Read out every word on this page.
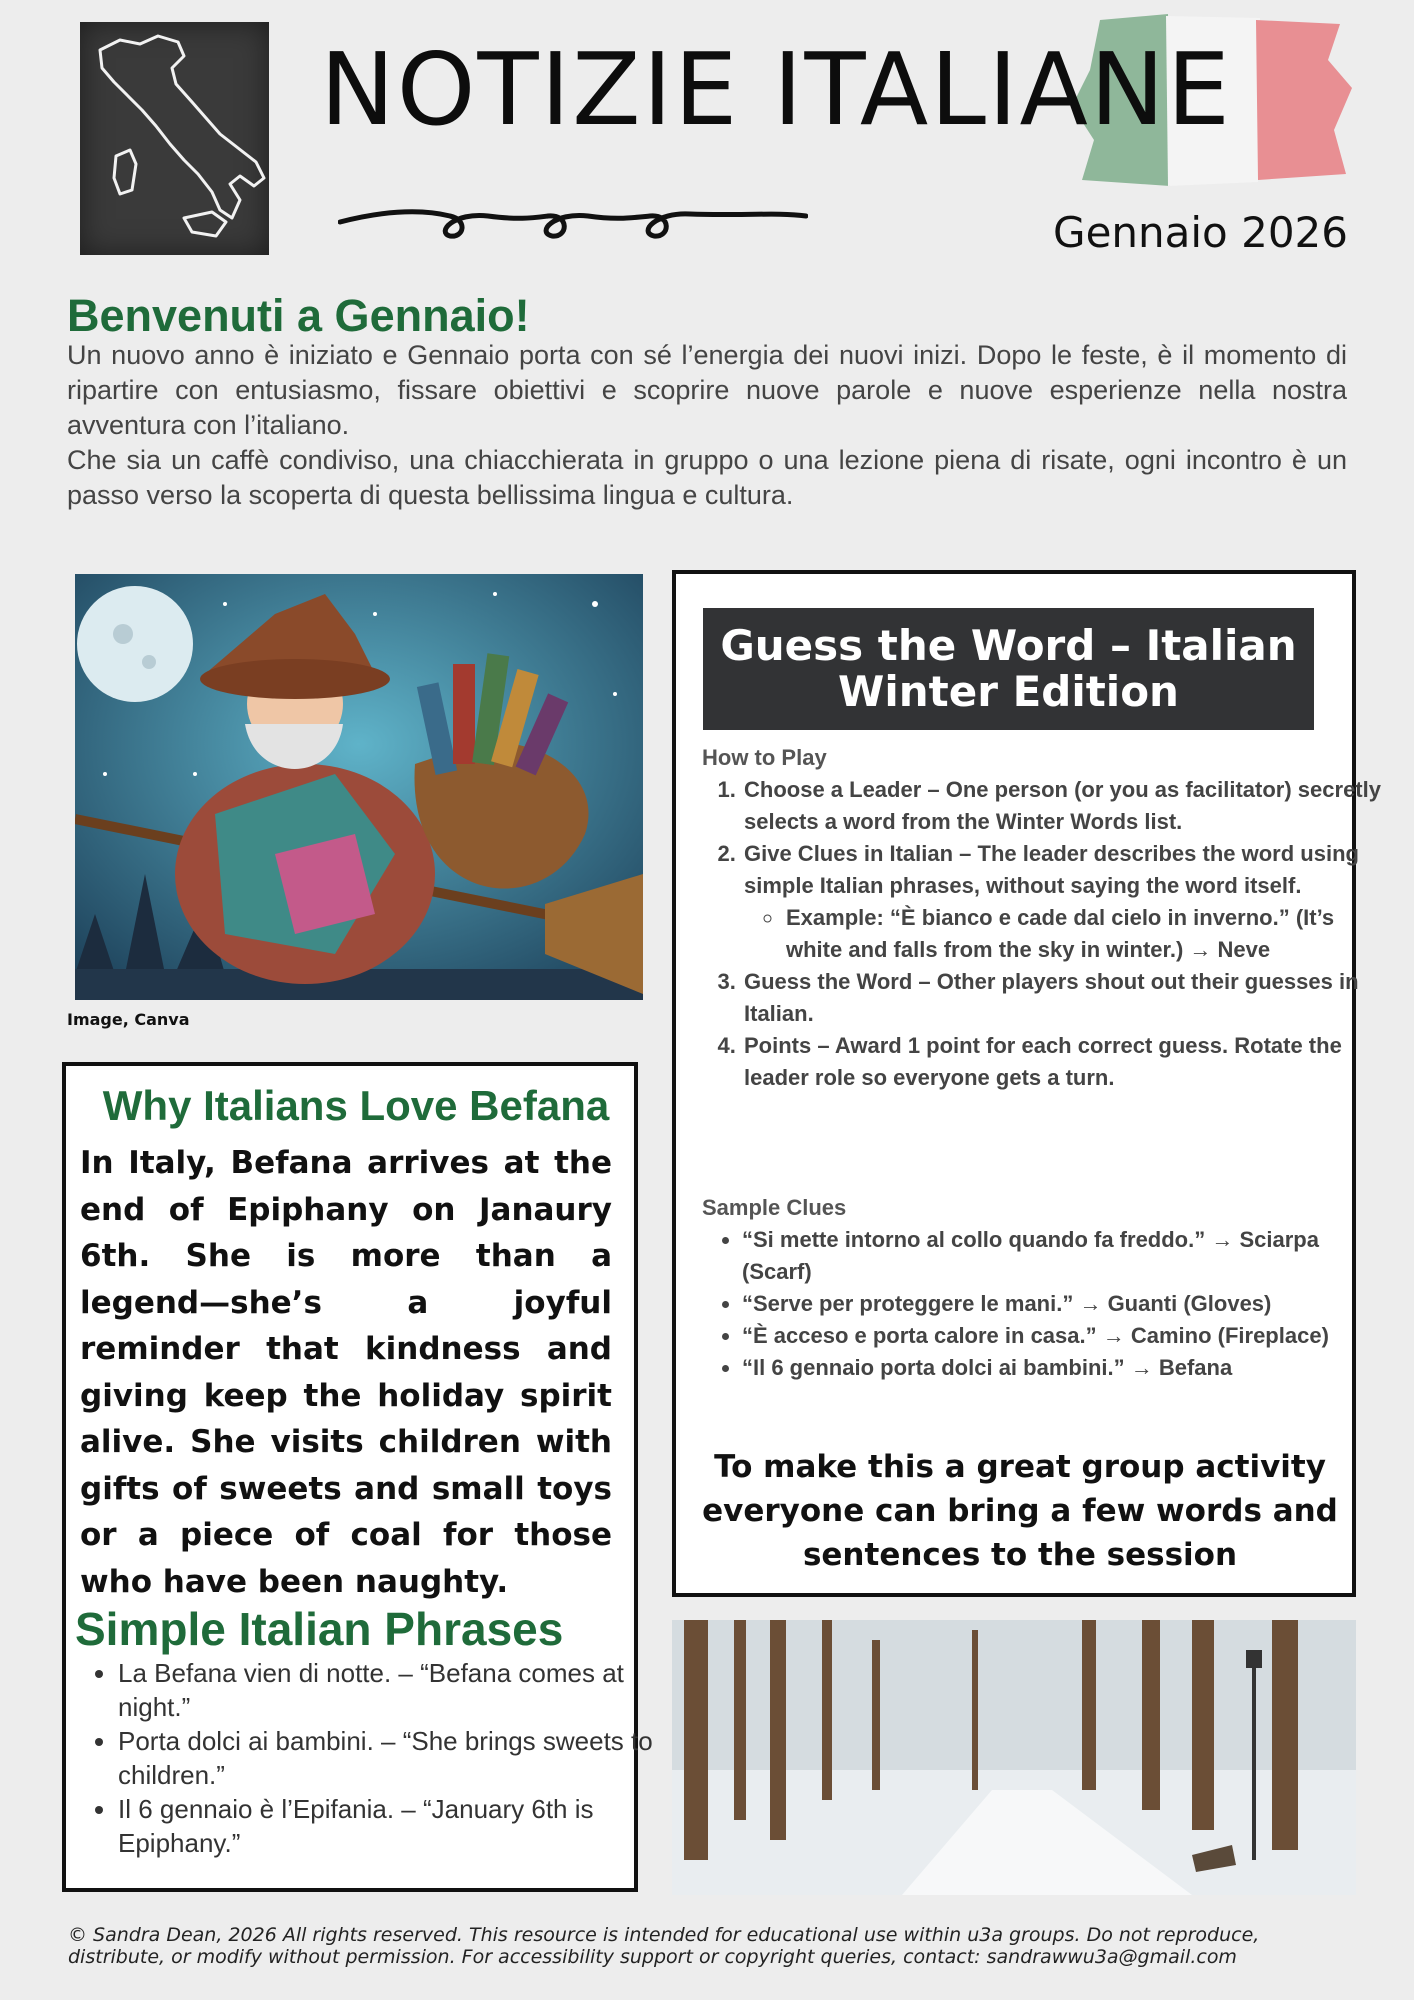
NOTIZIE ITALIANE
Gennaio 2026
Benvenuti a Gennaio!

Un nuovo anno è iniziato e Gennaio porta con sé l’energia dei nuovi inizi. Dopo le feste, è il momento di ripartire con entusiasmo, fissare obiettivi e scoprire nuove parole e nuove esperienze nella nostra avventura con l’italiano.

Che sia un caffè condiviso, una chiacchierata in gruppo o una lezione piena di risate, ogni incontro è un passo verso la scoperta di questa bellissima lingua e cultura.

Image, Canva
Why Italians Love Befana
In Italy, Befana arrives at the end of Epiphany on Janaury 6th. She is more than a legend—she’s a joyful reminder that kindness and giving keep the holiday spirit alive. She visits children with gifts of sweets and small toys or a piece of coal for those who have been naughty.
Simple Italian Phrases
• La Befana vien di notte. – “Befana comes at night.”
• Porta dolci ai bambini. – “She brings sweets to children.”
• Il 6 gennaio è l’Epifania. – “January 6th is Epiphany.”
Guess the Word – Italian Winter Edition
How to Play
1. Choose a Leader – One person (or you as facilitator) secretly selects a word from the Winter Words list.
2. Give Clues in Italian – The leader describes the word using simple Italian phrases, without saying the word itself.
◦ Example: “È bianco e cade dal cielo in inverno.” (It’s white and falls from the sky in winter.) → Neve
3. Guess the Word – Other players shout out their guesses in Italian.
4. Points – Award 1 point for each correct guess. Rotate the leader role so everyone gets a turn.
Sample Clues
• “Si mette intorno al collo quando fa freddo.” → Sciarpa (Scarf)
• “Serve per proteggere le mani.” → Guanti (Gloves)
• “È acceso e porta calore in casa.” → Camino (Fireplace)
• “Il 6 gennaio porta dolci ai bambini.” → Befana
To make this a great group activity everyone can bring a few words and sentences to the session
© Sandra Dean, 2026 All rights reserved. This resource is intended for educational use within u3a groups. Do not reproduce, distribute, or modify without permission. For accessibility support or copyright queries, contact: sandrawwu3a@gmail.com
